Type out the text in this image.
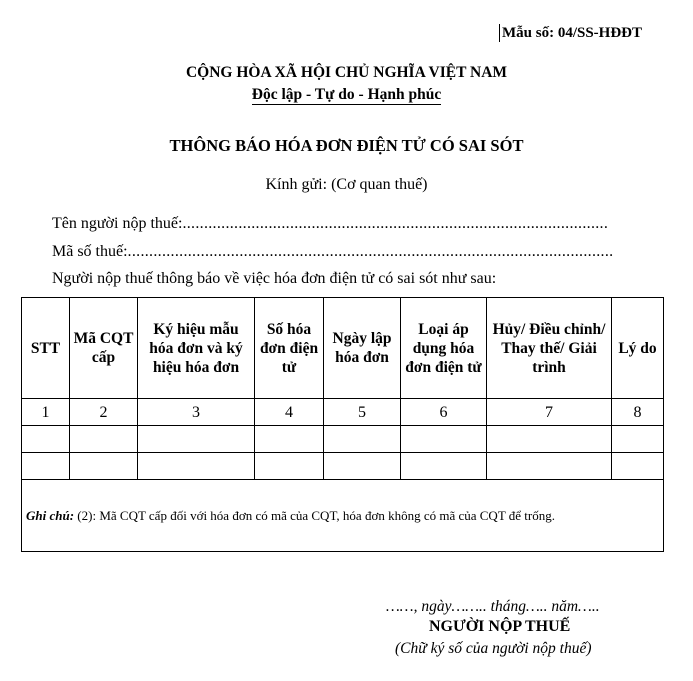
Mẫu số: 04/SS-HĐĐT
CỘNG HÒA XÃ HỘI CHỦ NGHĨA VIỆT NAM
Độc lập - Tự do - Hạnh phúc
THÔNG BÁO HÓA ĐƠN ĐIỆN TỬ CÓ SAI SÓT
Kính gửi: (Cơ quan thuế)
Tên người nộp thuế:...................................................................................................
Mã số thuế:.................................................................................................................
Người nộp thuế thông báo về việc hóa đơn điện tử có sai sót như sau:
STT	Mã CQT cấp	Ký hiệu mẫu hóa đơn và ký hiệu hóa đơn	Số hóa đơn điện tử	Ngày lập hóa đơn	Loại áp dụng hóa đơn điện tử	Hủy/ Điều chỉnh/ Thay thế/ Giải trình	Lý do
1	2	3	4	5	6	7	8

Ghi chú: (2): Mã CQT cấp đối với hóa đơn có mã của CQT, hóa đơn không có mã của CQT để trống.							
……, ngày…….. tháng….. năm…..
NGƯỜI NỘP THUẾ
(Chữ ký số của người nộp thuế)
